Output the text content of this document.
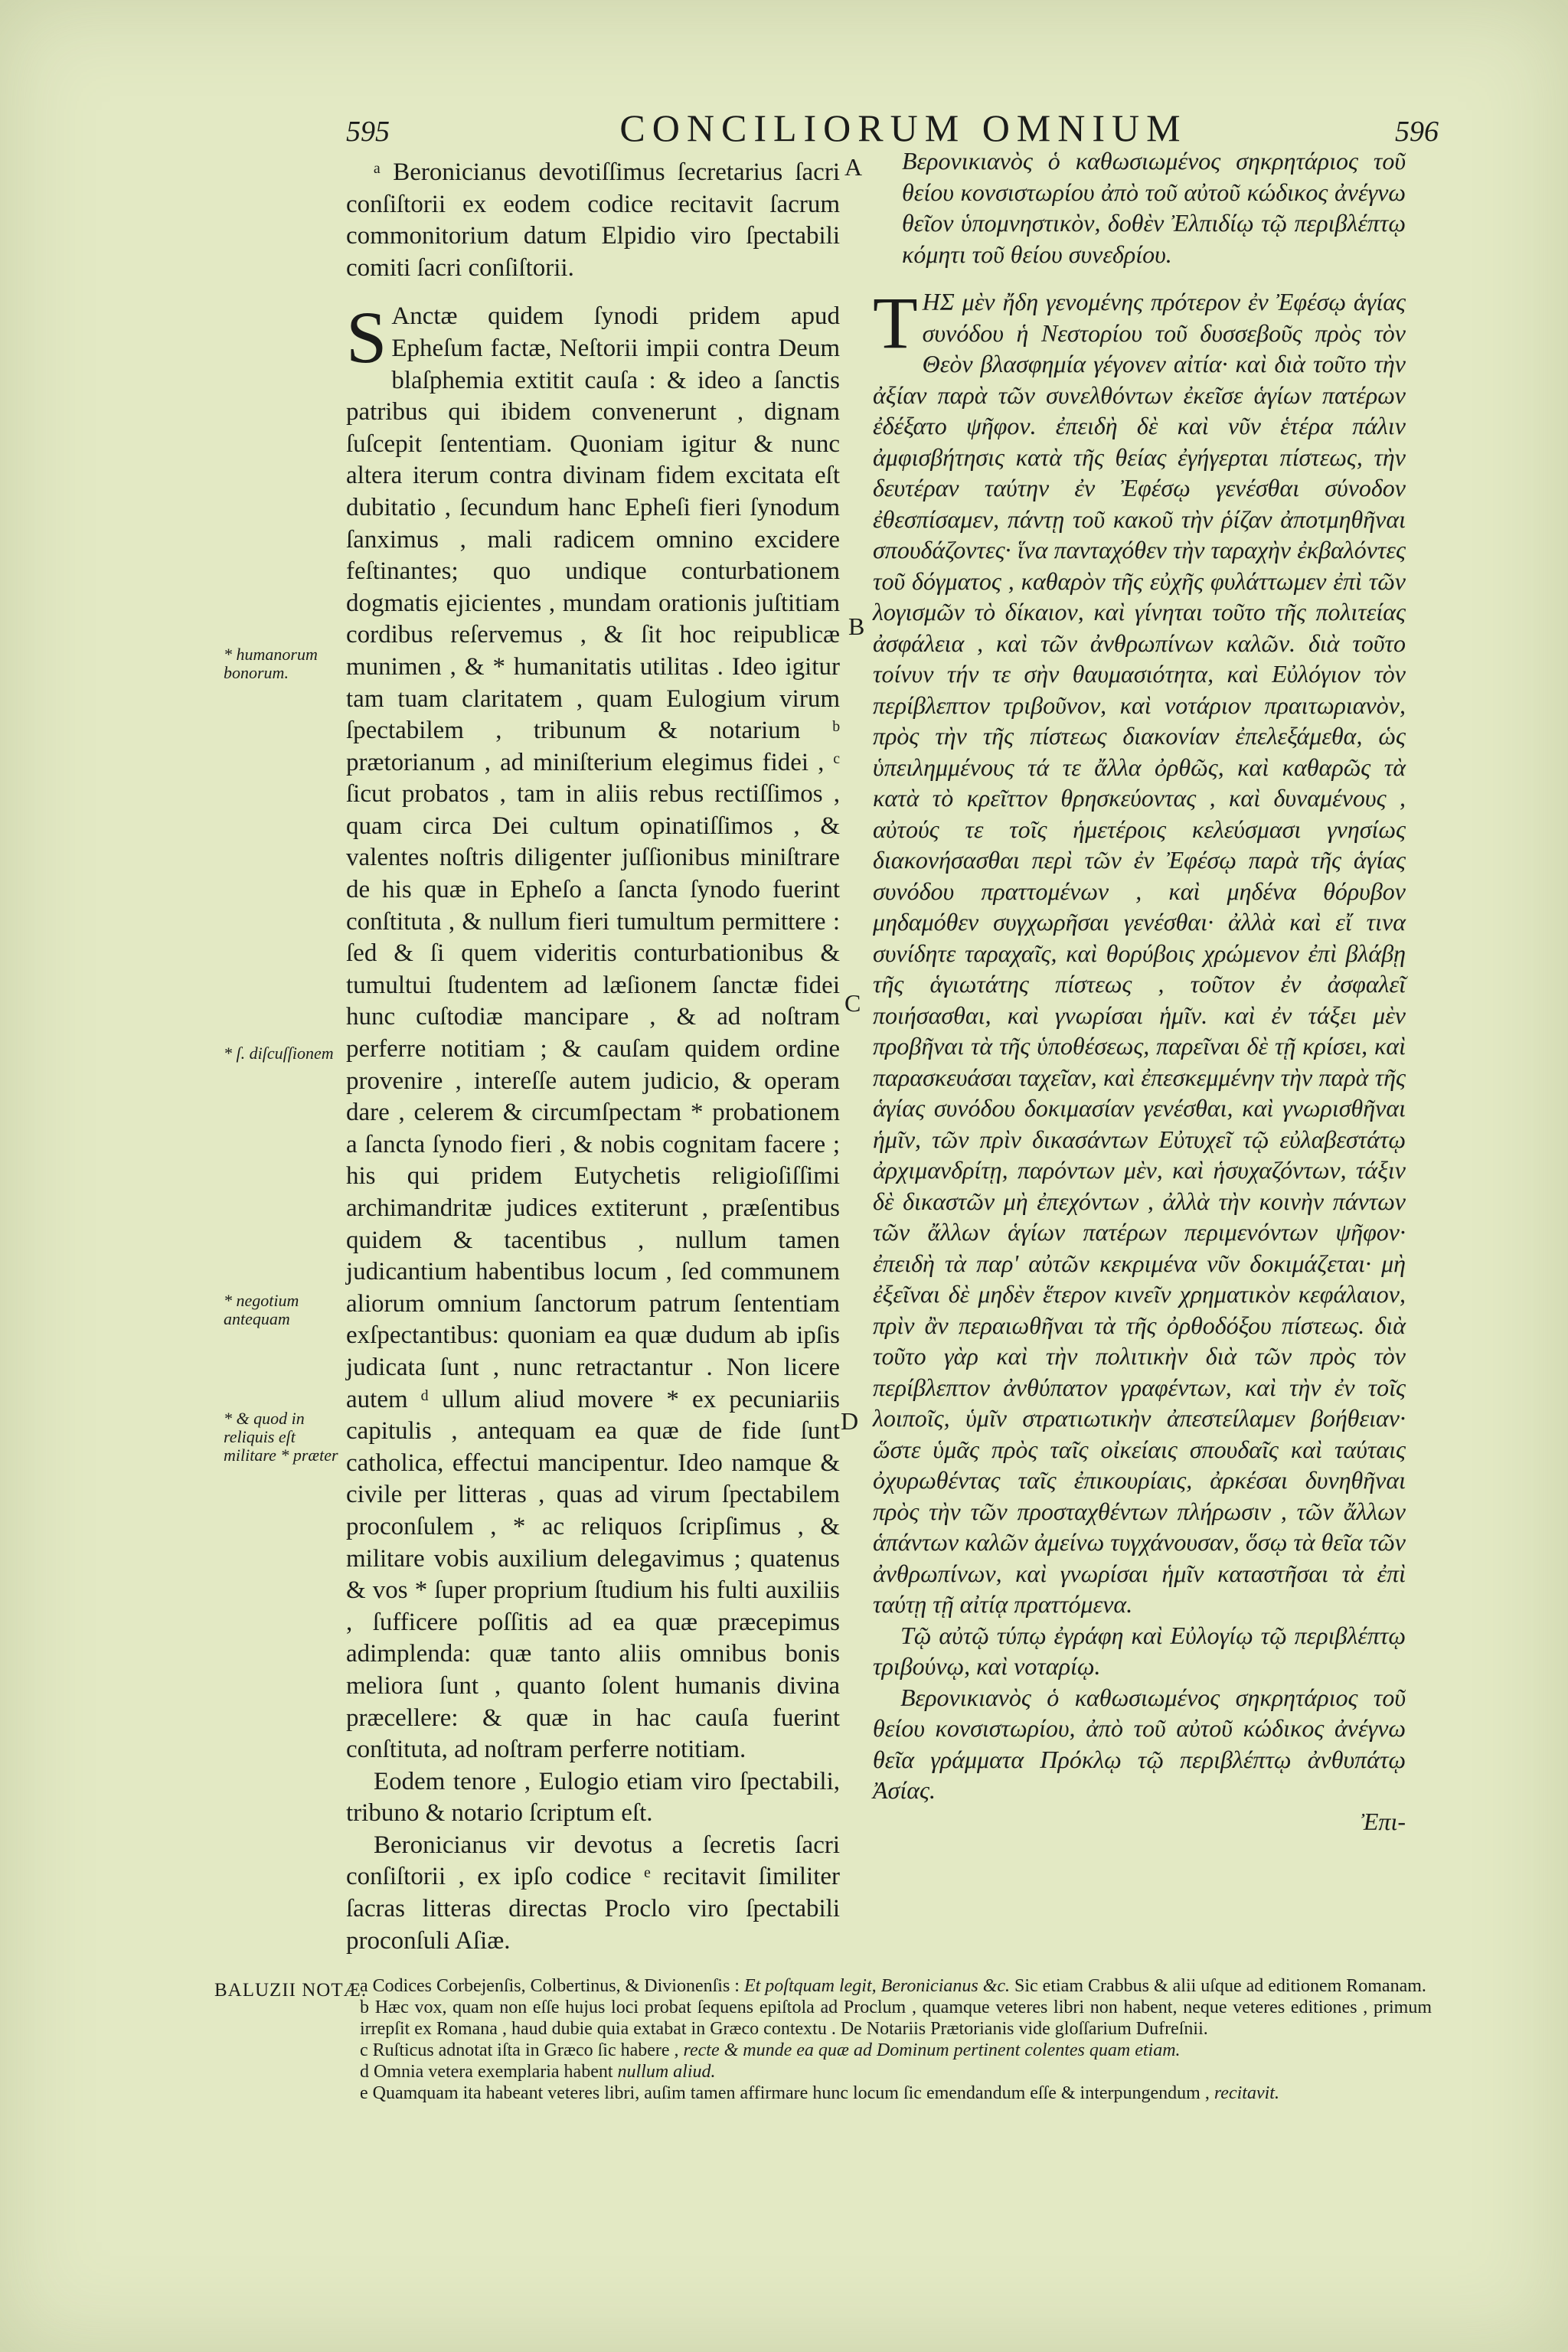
595	CONCILIORUM OMNIUM	596
A
B
C
D
* humanorum bonorum.
* ſ. diſcuſſionem
* negotium antequam
* & quod in reliquis eſt militare * præter

ᵃ Beronicianus devotiſſimus ſecretarius ſacri conſiſtorii ex eodem codice recitavit ſacrum commonitorium datum Elpidio viro ſpectabili comiti ſacri conſiſtorii.

S Anctæ quidem ſynodi pridem apud Epheſum factæ, Neſtorii impii contra Deum blaſphemia extitit cauſa : & ideo a ſanctis patribus qui ibidem convenerunt , dignam ſuſcepit ſententiam. Quoniam igitur & nunc altera iterum contra divinam fidem excitata eſt dubitatio , ſecundum hanc Epheſi fieri ſynodum ſanximus , mali radicem omnino excidere feſtinantes; quo undique conturbationem dogmatis ejicientes , mundam orationis juſtitiam cordibus reſervemus , & ſit hoc reipublicæ munimen , & * humanitatis utilitas . Ideo igitur tam tuam claritatem , quam Eulogium virum ſpectabilem , tribunum & notarium ᵇ prætorianum , ad miniſterium elegimus fidei , ᶜ ſicut probatos , tam in aliis rebus rectiſſimos , quam circa Dei cultum opinatiſſimos , & valentes noſtris diligenter juſſionibus miniſtrare de his quæ in Epheſo a ſancta ſynodo fuerint conſtituta , & nullum fieri tumultum permittere : ſed & ſi quem videritis conturbationibus & tumultui ſtudentem ad læſionem ſanctæ fidei hunc cuſtodiæ mancipare , & ad noſtram perferre notitiam ; & cauſam quidem ordine provenire , intereſſe autem judicio, & operam dare , celerem & circumſpectam * probationem a ſancta ſynodo fieri , & nobis cognitam facere ; his qui pridem Eutychetis religioſiſſimi archimandritæ judices extiterunt , præſentibus quidem & tacentibus , nullum tamen judicantium habentibus locum , ſed communem aliorum omnium ſanctorum patrum ſententiam exſpectantibus: quoniam ea quæ dudum ab ipſis judicata ſunt , nunc retractantur . Non licere autem ᵈ ullum aliud movere * ex pecuniariis capitulis , antequam ea quæ de fide ſunt catholica, effectui mancipentur. Ideo namque & civile per litteras , quas ad virum ſpectabilem proconſulem , * ac reliquos ſcripſimus , & militare vobis auxilium delegavimus ; quatenus & vos * ſuper proprium ſtudium his fulti auxiliis , ſufficere poſſitis ad ea quæ præcepimus adimplenda: quæ tanto aliis omnibus bonis meliora ſunt , quanto ſolent humanis divina præcellere: & quæ in hac cauſa fuerint conſtituta, ad noſtram perferre notitiam.

Eodem tenore , Eulogio etiam viro ſpectabili, tribuno & notario ſcriptum eſt.

Beronicianus vir devotus a ſecretis ſacri conſiſtorii , ex ipſo codice ᵉ recitavit ſimiliter ſacras litteras directas Proclo viro ſpectabili proconſuli Aſiæ.

Βερονικιανὸς ὁ καθωσιωμένος σηκρητάριος τοῦ θείου κονσιστωρίου ἀπὸ τοῦ αὐτοῦ κώδικος ἀνέγνω θεῖον ὑπομνηστικὸν, δοθὲν Ἐλπιδίῳ τῷ περιβλέπτῳ κόμητι τοῦ θείου συνεδρίου.

ΤΗΣ μὲν ἤδη γενομένης πρότερον ἐν Ἐφέσῳ ἁγίας συνόδου ἡ Νεστορίου τοῦ δυσσεβοῦς πρὸς τὸν Θεὸν βλασφημία γέγονεν αἰτία· καὶ διὰ τοῦτο τὴν ἀξίαν παρὰ τῶν συνελθόντων ἐκεῖσε ἁγίων πατέρων ἐδέξατο ψῆφον. ἐπειδὴ δὲ καὶ νῦν ἑτέρα πάλιν ἀμφισβήτησις κατὰ τῆς θείας ἐγήγερται πίστεως, τὴν δευτέραν ταύτην ἐν Ἐφέσῳ γενέσθαι σύνοδον ἐθεσπίσαμεν, πάντῃ τοῦ κακοῦ τὴν ῥίζαν ἀποτμηθῆναι σπουδάζοντες· ἵνα πανταχόθεν τὴν ταραχὴν ἐκβαλόντες τοῦ δόγματος , καθαρὸν τῆς εὐχῆς φυλάττωμεν ἐπὶ τῶν λογισμῶν τὸ δίκαιον, καὶ γίνηται τοῦτο τῆς πολιτείας ἀσφάλεια , καὶ τῶν ἀνθρωπίνων καλῶν. διὰ τοῦτο τοίνυν τήν τε σὴν θαυμασιότητα, καὶ Εὐλόγιον τὸν περίβλεπτον τριβοῦνον, καὶ νοτάριον πραιτωριανὸν, πρὸς τὴν τῆς πίστεως διακονίαν ἐπελεξάμεθα, ὡς ὑπειλημμένους τά τε ἄλλα ὀρθῶς, καὶ καθαρῶς τὰ κατὰ τὸ κρεῖττον θρησκεύοντας , καὶ δυναμένους , αὐτούς τε τοῖς ἡμετέροις κελεύσμασι γνησίως διακονήσασθαι περὶ τῶν ἐν Ἐφέσῳ παρὰ τῆς ἁγίας συνόδου πραττομένων , καὶ μηδένα θόρυβον μηδαμόθεν συγχωρῆσαι γενέσθαι· ἀλλὰ καὶ εἴ τινα συνίδητε ταραχαῖς, καὶ θορύβοις χρώμενον ἐπὶ βλάβῃ τῆς ἁγιωτάτης πίστεως , τοῦτον ἐν ἀσφαλεῖ ποιήσασθαι, καὶ γνωρίσαι ἡμῖν. καὶ ἐν τάξει μὲν προβῆναι τὰ τῆς ὑποθέσεως, παρεῖναι δὲ τῇ κρίσει, καὶ παρασκευάσαι ταχεῖαν, καὶ ἐπεσκεμμένην τὴν παρὰ τῆς ἁγίας συνόδου δοκιμασίαν γενέσθαι, καὶ γνωρισθῆναι ἡμῖν, τῶν πρὶν δικασάντων Εὐτυχεῖ τῷ εὐλαβεστάτῳ ἀρχιμανδρίτῃ, παρόντων μὲν, καὶ ἡσυχαζόντων, τάξιν δὲ δικαστῶν μὴ ἐπεχόντων , ἀλλὰ τὴν κοινὴν πάντων τῶν ἄλλων ἁγίων πατέρων περιμενόντων ψῆφον· ἐπειδὴ τὰ παρ' αὐτῶν κεκριμένα νῦν δοκιμάζεται· μὴ ἐξεῖναι δὲ μηδὲν ἕτερον κινεῖν χρηματικὸν κεφάλαιον, πρὶν ἂν περαιωθῆναι τὰ τῆς ὀρθοδόξου πίστεως. διὰ τοῦτο γὰρ καὶ τὴν πολιτικὴν διὰ τῶν πρὸς τὸν περίβλεπτον ἀνθύπατον γραφέντων, καὶ τὴν ἐν τοῖς λοιποῖς, ὑμῖν στρατιωτικὴν ἀπεστείλαμεν βοήθειαν· ὥστε ὑμᾶς πρὸς ταῖς οἰκείαις σπουδαῖς καὶ ταύταις ὀχυρωθέντας ταῖς ἐπικουρίαις, ἀρκέσαι δυνηθῆναι πρὸς τὴν τῶν προσταχθέντων πλήρωσιν , τῶν ἄλλων ἁπάντων καλῶν ἀμείνω τυγχάνουσαν, ὅσῳ τὰ θεῖα τῶν ἀνθρωπίνων, καὶ γνωρίσαι ἡμῖν καταστῆσαι τὰ ἐπὶ ταύτῃ τῇ αἰτίᾳ πραττόμενα.

Τῷ αὐτῷ τύπῳ ἐγράφη καὶ Εὐλογίῳ τῷ περιβλέπτῳ τριβούνῳ, καὶ νοταρίῳ.

Βερονικιανὸς ὁ καθωσιωμένος σηκρητάριος τοῦ θείου κονσιστωρίου, ἀπὸ τοῦ αὐτοῦ κώδικος ἀνέγνω θεῖα γράμματα Πρόκλῳ τῷ περιβλέπτῳ ἀνθυπάτῳ Ἀσίας.

Ἐπι-

BALUZII NOTÆ.

a Codices Corbejenſis, Colbertinus, & Divionenſis : Et poſtquam legit, Beronicianus &c. Sic etiam Crabbus & alii uſque ad editionem Romanam.

b Hæc vox, quam non eſſe hujus loci probat ſequens epiſtola ad Proclum , quamque veteres libri non habent, neque veteres editiones , primum irrepſit ex Romana , haud dubie quia extabat in Græco contextu . De Notariis Prætorianis vide gloſſarium Dufreſnii.

c Ruſticus adnotat iſta in Græco ſic habere , recte & munde ea quæ ad Dominum pertinent colentes quam etiam.

d Omnia vetera exemplaria habent nullum aliud.

e Quamquam ita habeant veteres libri, auſim tamen affirmare hunc locum ſic emendandum eſſe & interpungendum , recitavit.
